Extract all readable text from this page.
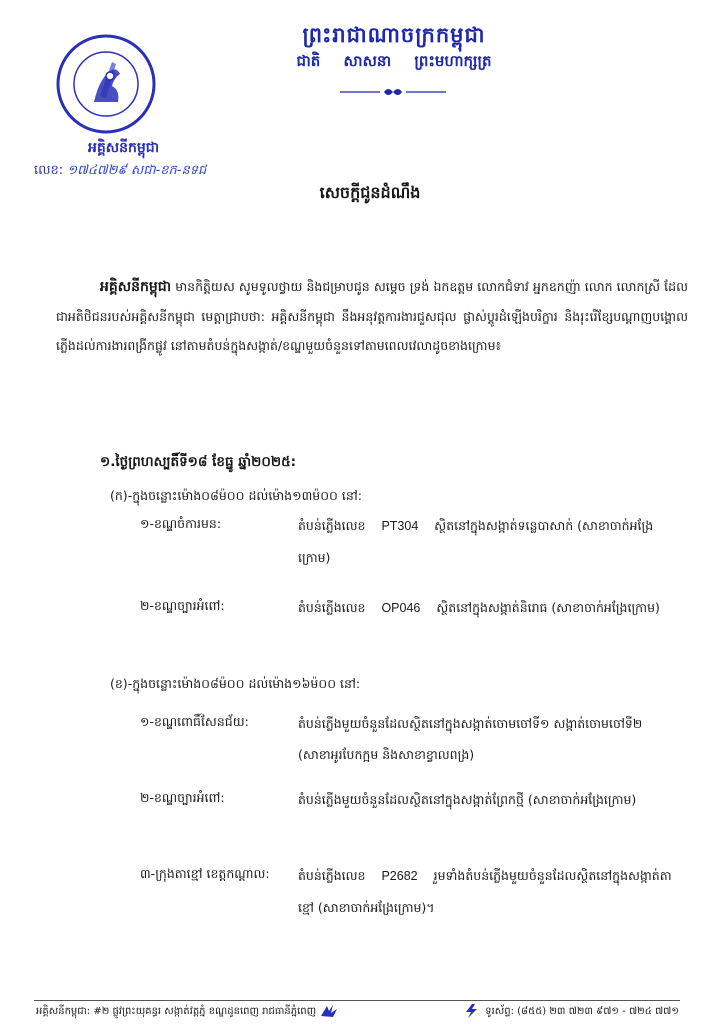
អគ្គិសនីកម្ពុជា
លេខ: ១៧៤៧២៩ សជា-ខក-នទជ
ព្រះរាជាណាចក្រកម្ពុជា
ជាតិ សាសនា ព្រះមហាក្សត្រ
សេចក្តីជូនដំណឹង

អគ្គិសនីកម្ពុជា មានកិត្តិយស សូមទូលថ្វាយ និងជម្រាបជូន សម្តេច ទ្រង់ ឯកឧត្តម លោកជំទាវ អ្នកឧកញ៉ា លោក លោកស្រី ដែលជាអតិថិជនរបស់អគ្គិសនីកម្ពុជា មេត្តាជ្រាបថា: អគ្គិសនីកម្ពុជា នឹងអនុវត្តការងារជួសជុល ផ្លាស់ប្តូរដំឡើងបរិក្ខារ និងរុះរើខ្សែបណ្តាញបង្គោលភ្លើងដល់ការងារពង្រីកផ្លូវ នៅតាមតំបន់ក្នុងសង្កាត់/ខណ្ឌមួយចំនួនទៅតាមពេលវេលាដូចខាងក្រោម៖

១.ថ្ងៃព្រហស្បតិ៍ទី១៨ ខែធ្នូ ឆ្នាំ២០២៥:
(ក)-ក្នុងចន្លោះម៉ោង០៨ម៉០០ ដល់ម៉ោង១៣ម៉០០ នៅ:
១-ខណ្ឌចំការមន:	តំបន់ភ្លើងលេខ PT304 ស្ថិតនៅក្នុងសង្កាត់ទន្លេបាសាក់ (សាខាចាក់អង្រែក្រោម)
២-ខណ្ឌច្បារអំពៅ:	តំបន់ភ្លើងលេខ OP046 ស្ថិតនៅក្នុងសង្កាត់និរោធ (សាខាចាក់អង្រែក្រោម)
(ខ)-ក្នុងចន្លោះម៉ោង០៨ម៉០០ ដល់ម៉ោង១៦ម៉០០ នៅ:
១-ខណ្ឌពោធិ៍សែនជ័យ:	តំបន់ភ្លើងមួយចំនួនដែលស្ថិតនៅក្នុងសង្កាត់ចោមចៅទី១ សង្កាត់ចោមចៅទី២ (សាខាអូរបែកក្អម និងសាខាខ្វាលពង្រ)
២-ខណ្ឌច្បារអំពៅ:	តំបន់ភ្លើងមួយចំនួនដែលស្ថិតនៅក្នុងសង្កាត់ព្រែកថ្មី (សាខាចាក់អង្រែក្រោម)
៣-ក្រុងតាខ្មៅ ខេត្តកណ្តាល: តំបន់ភ្លើងលេខ P2682 រួមទាំងតំបន់ភ្លើងមួយចំនួនដែលស្ថិតនៅក្នុងសង្កាត់តាខ្មៅ (សាខាចាក់អង្រែក្រោម)។
អគ្គិសនីកម្ពុជា: #២ ផ្លូវព្រះយុគន្ធរ សង្កាត់វត្តភ្នំ ខណ្ឌដូនពេញ រាជធានីភ្នំពេញ	ទូរស័ព្ទ: (៨៥៥) ២៣ ៧២៣ ៩៧១ - ៧២៤ ៧៧១
